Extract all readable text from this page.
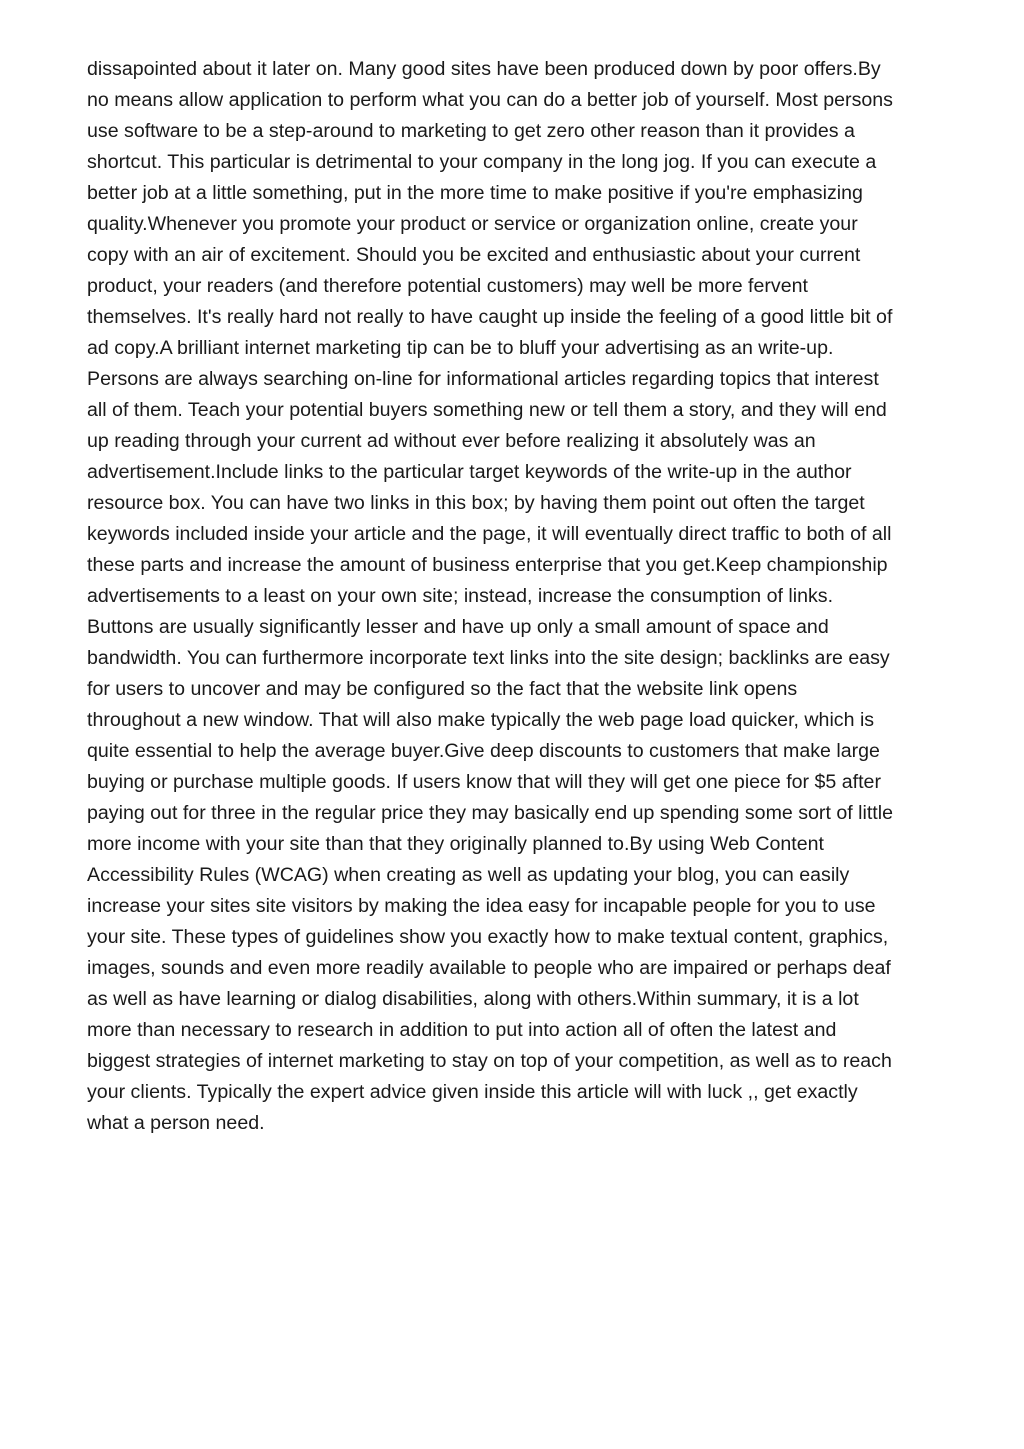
dissapointed about it later on. Many good sites have been produced down by poor offers.By
no means allow application to perform what you can do a better job of yourself. Most persons
use software to be a step-around to marketing to get zero other reason than it provides a
shortcut. This particular is detrimental to your company in the long jog. If you can execute a
better job at a little something, put in the more time to make positive if you're emphasizing
quality.Whenever you promote your product or service or organization online, create your
copy with an air of excitement. Should you be excited and enthusiastic about your current
product, your readers (and therefore potential customers) may well be more fervent
themselves. It's really hard not really to have caught up inside the feeling of a good little bit of
ad copy.A brilliant internet marketing tip can be to bluff your advertising as an write-up.
Persons are always searching on-line for informational articles regarding topics that interest
all of them. Teach your potential buyers something new or tell them a story, and they will end
up reading through your current ad without ever before realizing it absolutely was an
advertisement.Include links to the particular target keywords of the write-up in the author
resource box. You can have two links in this box; by having them point out often the target
keywords included inside your article and the page, it will eventually direct traffic to both of all
these parts and increase the amount of business enterprise that you get.Keep championship
advertisements to a least on your own site; instead, increase the consumption of links.
Buttons are usually significantly lesser and have up only a small amount of space and
bandwidth. You can furthermore incorporate text links into the site design; backlinks are easy
for users to uncover and may be configured so the fact that the website link opens
throughout a new window. That will also make typically the web page load quicker, which is
quite essential to help the average buyer.Give deep discounts to customers that make large
buying or purchase multiple goods. If users know that will they will get one piece for $5 after
paying out for three in the regular price they may basically end up spending some sort of little
more income with your site than that they originally planned to.By using Web Content
Accessibility Rules (WCAG) when creating as well as updating your blog, you can easily
increase your sites site visitors by making the idea easy for incapable people for you to use
your site. These types of guidelines show you exactly how to make textual content, graphics,
images, sounds and even more readily available to people who are impaired or perhaps deaf
as well as have learning or dialog disabilities, along with others.Within summary, it is a lot
more than necessary to research in addition to put into action all of often the latest and
biggest strategies of internet marketing to stay on top of your competition, as well as to reach
your clients. Typically the expert advice given inside this article will with luck ,, get exactly
what a person need.
